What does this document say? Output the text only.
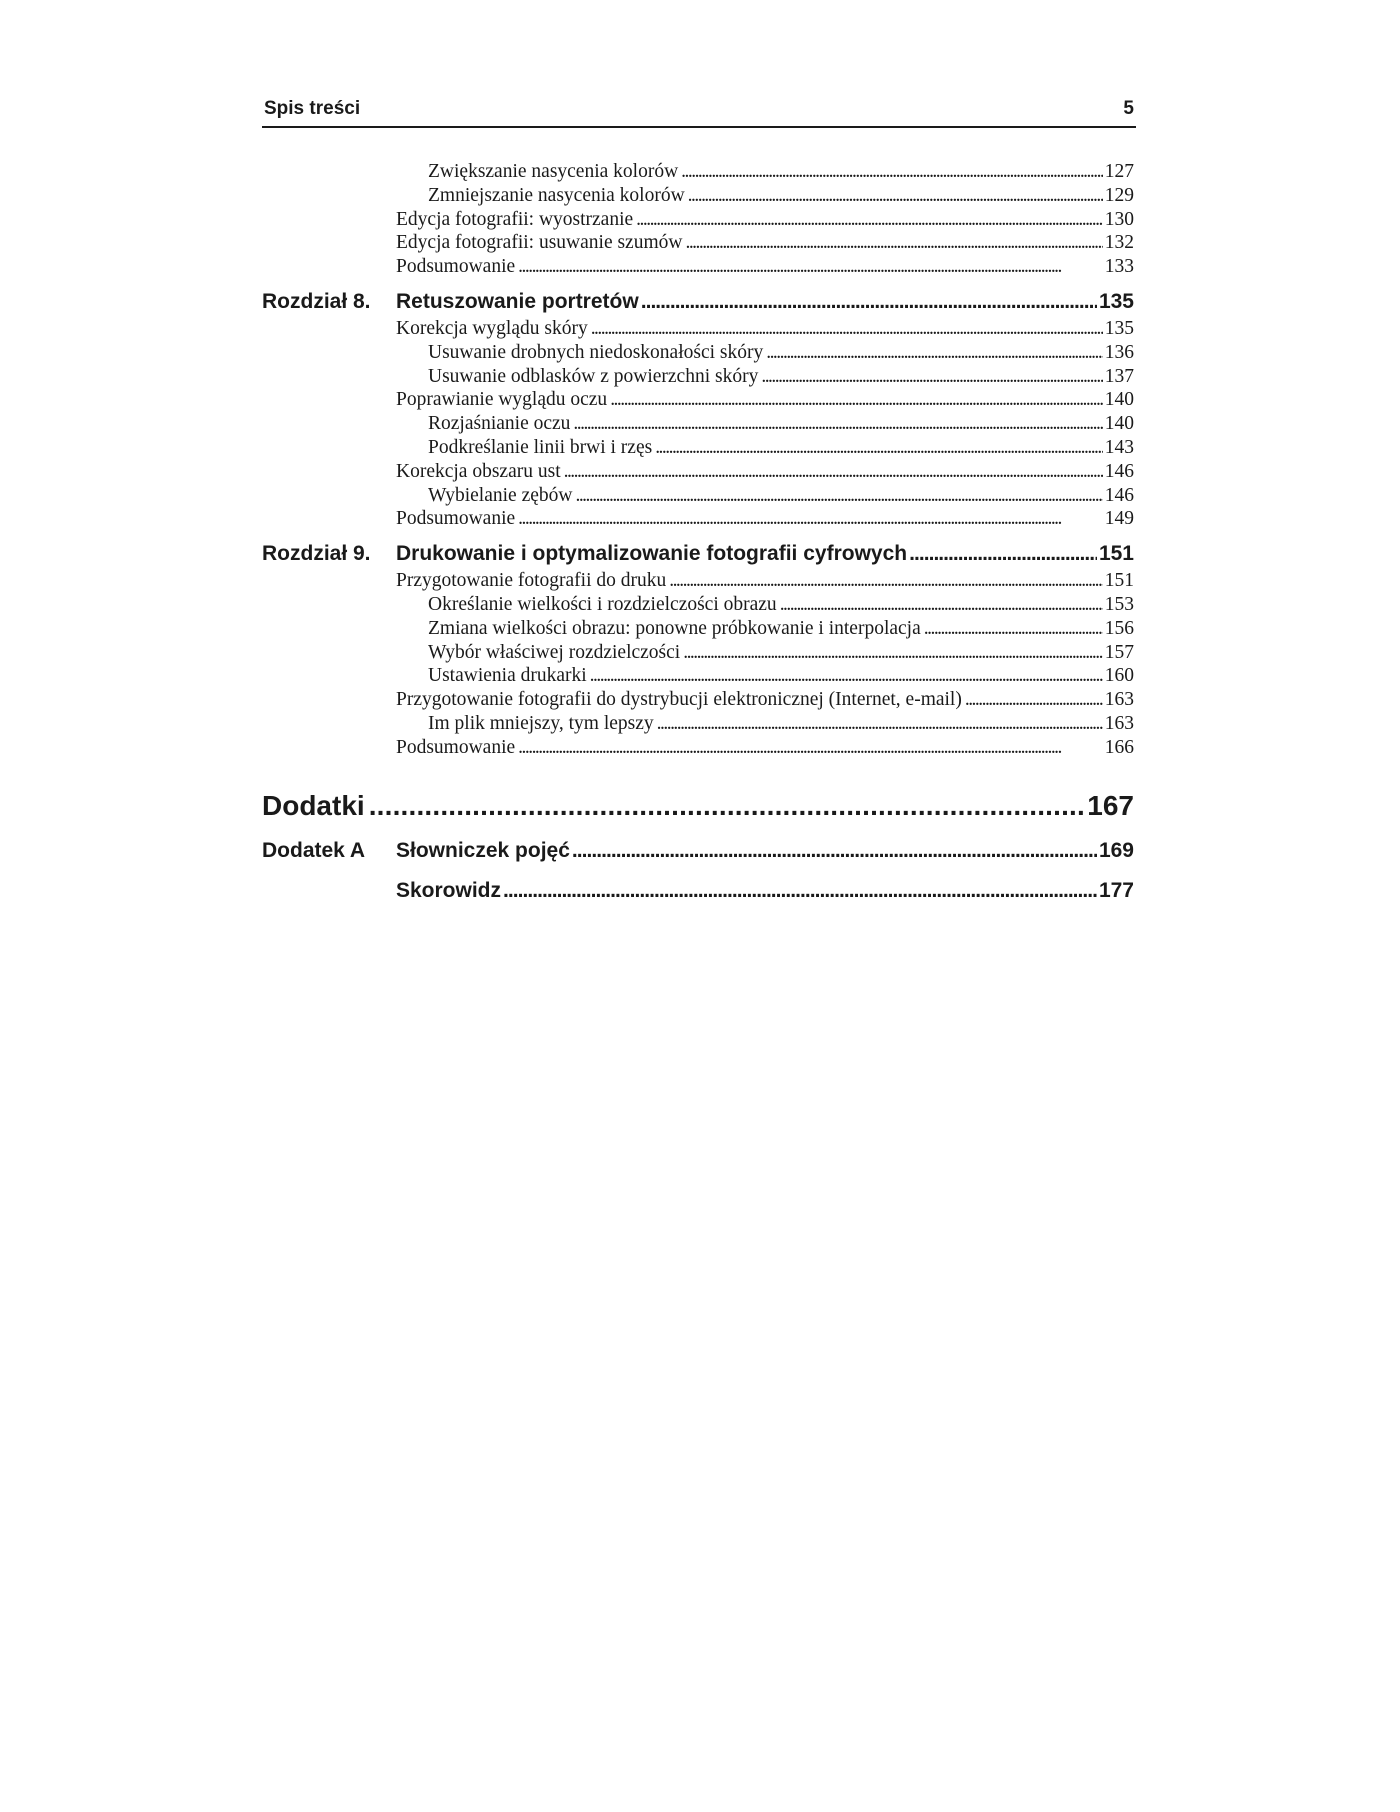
Spis treści	5
Zwiększanie nasycenia kolorów . . .	127
Zmniejszanie nasycenia kolorów . . .	129
Edycja fotografii: wyostrzanie . . .	130
Edycja fotografii: usuwanie szumów . . .	132
Podsumowanie . . .	133
Rozdział 8.	Retuszowanie portretów . . .	135
Korekcja wyglądu skóry . . .	135
Usuwanie drobnych niedoskonałości skóry . . .	136
Usuwanie odblasków z powierzchni skóry . . .	137
Poprawianie wyglądu oczu . . .	140
Rozjaśnianie oczu . . .	140
Podkreślanie linii brwi i rzęs . . .	143
Korekcja obszaru ust . . .	146
Wybielanie zębów . . .	146
Podsumowanie . . .	149
Rozdział 9.	Drukowanie i optymalizowanie fotografii cyfrowych . . .	151
Przygotowanie fotografii do druku . . .	151
Określanie wielkości i rozdzielczości obrazu . . .	153
Zmiana wielkości obrazu: ponowne próbkowanie i interpolacja . . .	156
Wybór właściwej rozdzielczości . . .	157
Ustawienia drukarki . . .	160
Przygotowanie fotografii do dystrybucji elektronicznej (Internet, e-mail) . . .	163
Im plik mniejszy, tym lepszy . . .	163
Podsumowanie . . .	166
Dodatki . . .	167
Dodatek A	Słowniczek pojęć . . .	169
Skorowidz . . .	177
